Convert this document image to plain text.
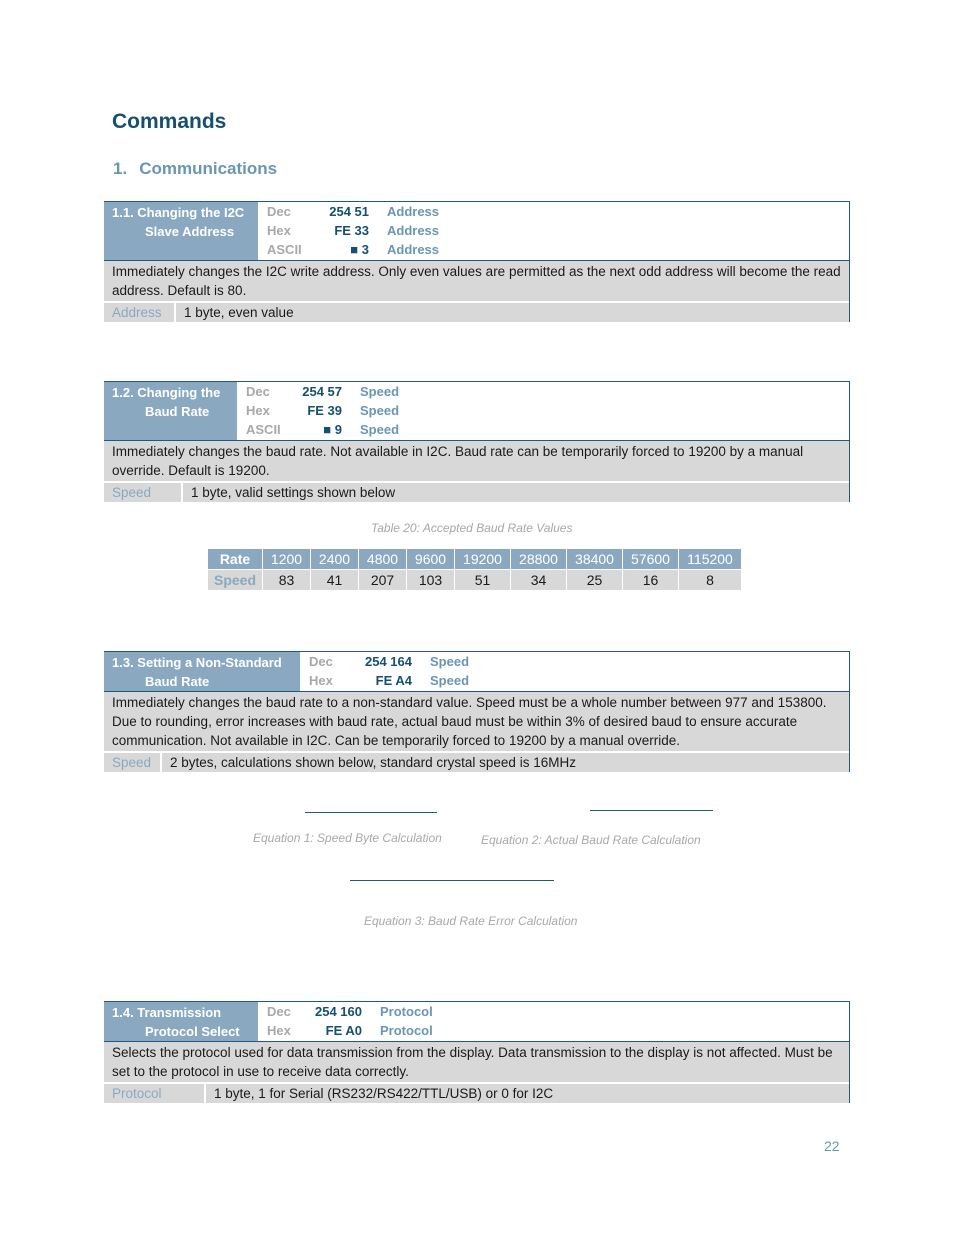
Commands
1. Communications
1.1. Changing the I2C
Slave Address
Dec	254 51	Address
Hex	FE 33	Address
ASCII	■ 3	Address
Immediately changes the I2C write address. Only even values are permitted as the next odd address will become the read address. Default is 80.
Address	1 byte, even value
1.2. Changing the
Baud Rate
Dec	254 57	Speed
Hex	FE 39	Speed
ASCII	■ 9	Speed
Immediately changes the baud rate. Not available in I2C. Baud rate can be temporarily forced to 19200 by a manual override. Default is 19200.
Speed	1 byte, valid settings shown below
Table 20: Accepted Baud Rate Values
Rate	1200	2400	4800	9600	19200	28800	38400	57600	115200
Speed	83	41	207	103	51	34	25	16	8
1.3. Setting a Non-Standard
Baud Rate
Dec	254 164	Speed
Hex	FE A4	Speed
Immediately changes the baud rate to a non-standard value. Speed must be a whole number between 977 and 153800. Due to rounding, error increases with baud rate, actual baud must be within 3% of desired baud to ensure accurate communication. Not available in I2C. Can be temporarily forced to 19200 by a manual override.
Speed	2 bytes, calculations shown below, standard crystal speed is 16MHz
Equation 1: Speed Byte Calculation	Equation 2: Actual Baud Rate Calculation
Equation 3: Baud Rate Error Calculation
1.4. Transmission
Protocol Select
Dec	254 160	Protocol
Hex	FE A0	Protocol
Selects the protocol used for data transmission from the display. Data transmission to the display is not affected. Must be set to the protocol in use to receive data correctly.
Protocol	1 byte, 1 for Serial (RS232/RS422/TTL/USB) or 0 for I2C
22
